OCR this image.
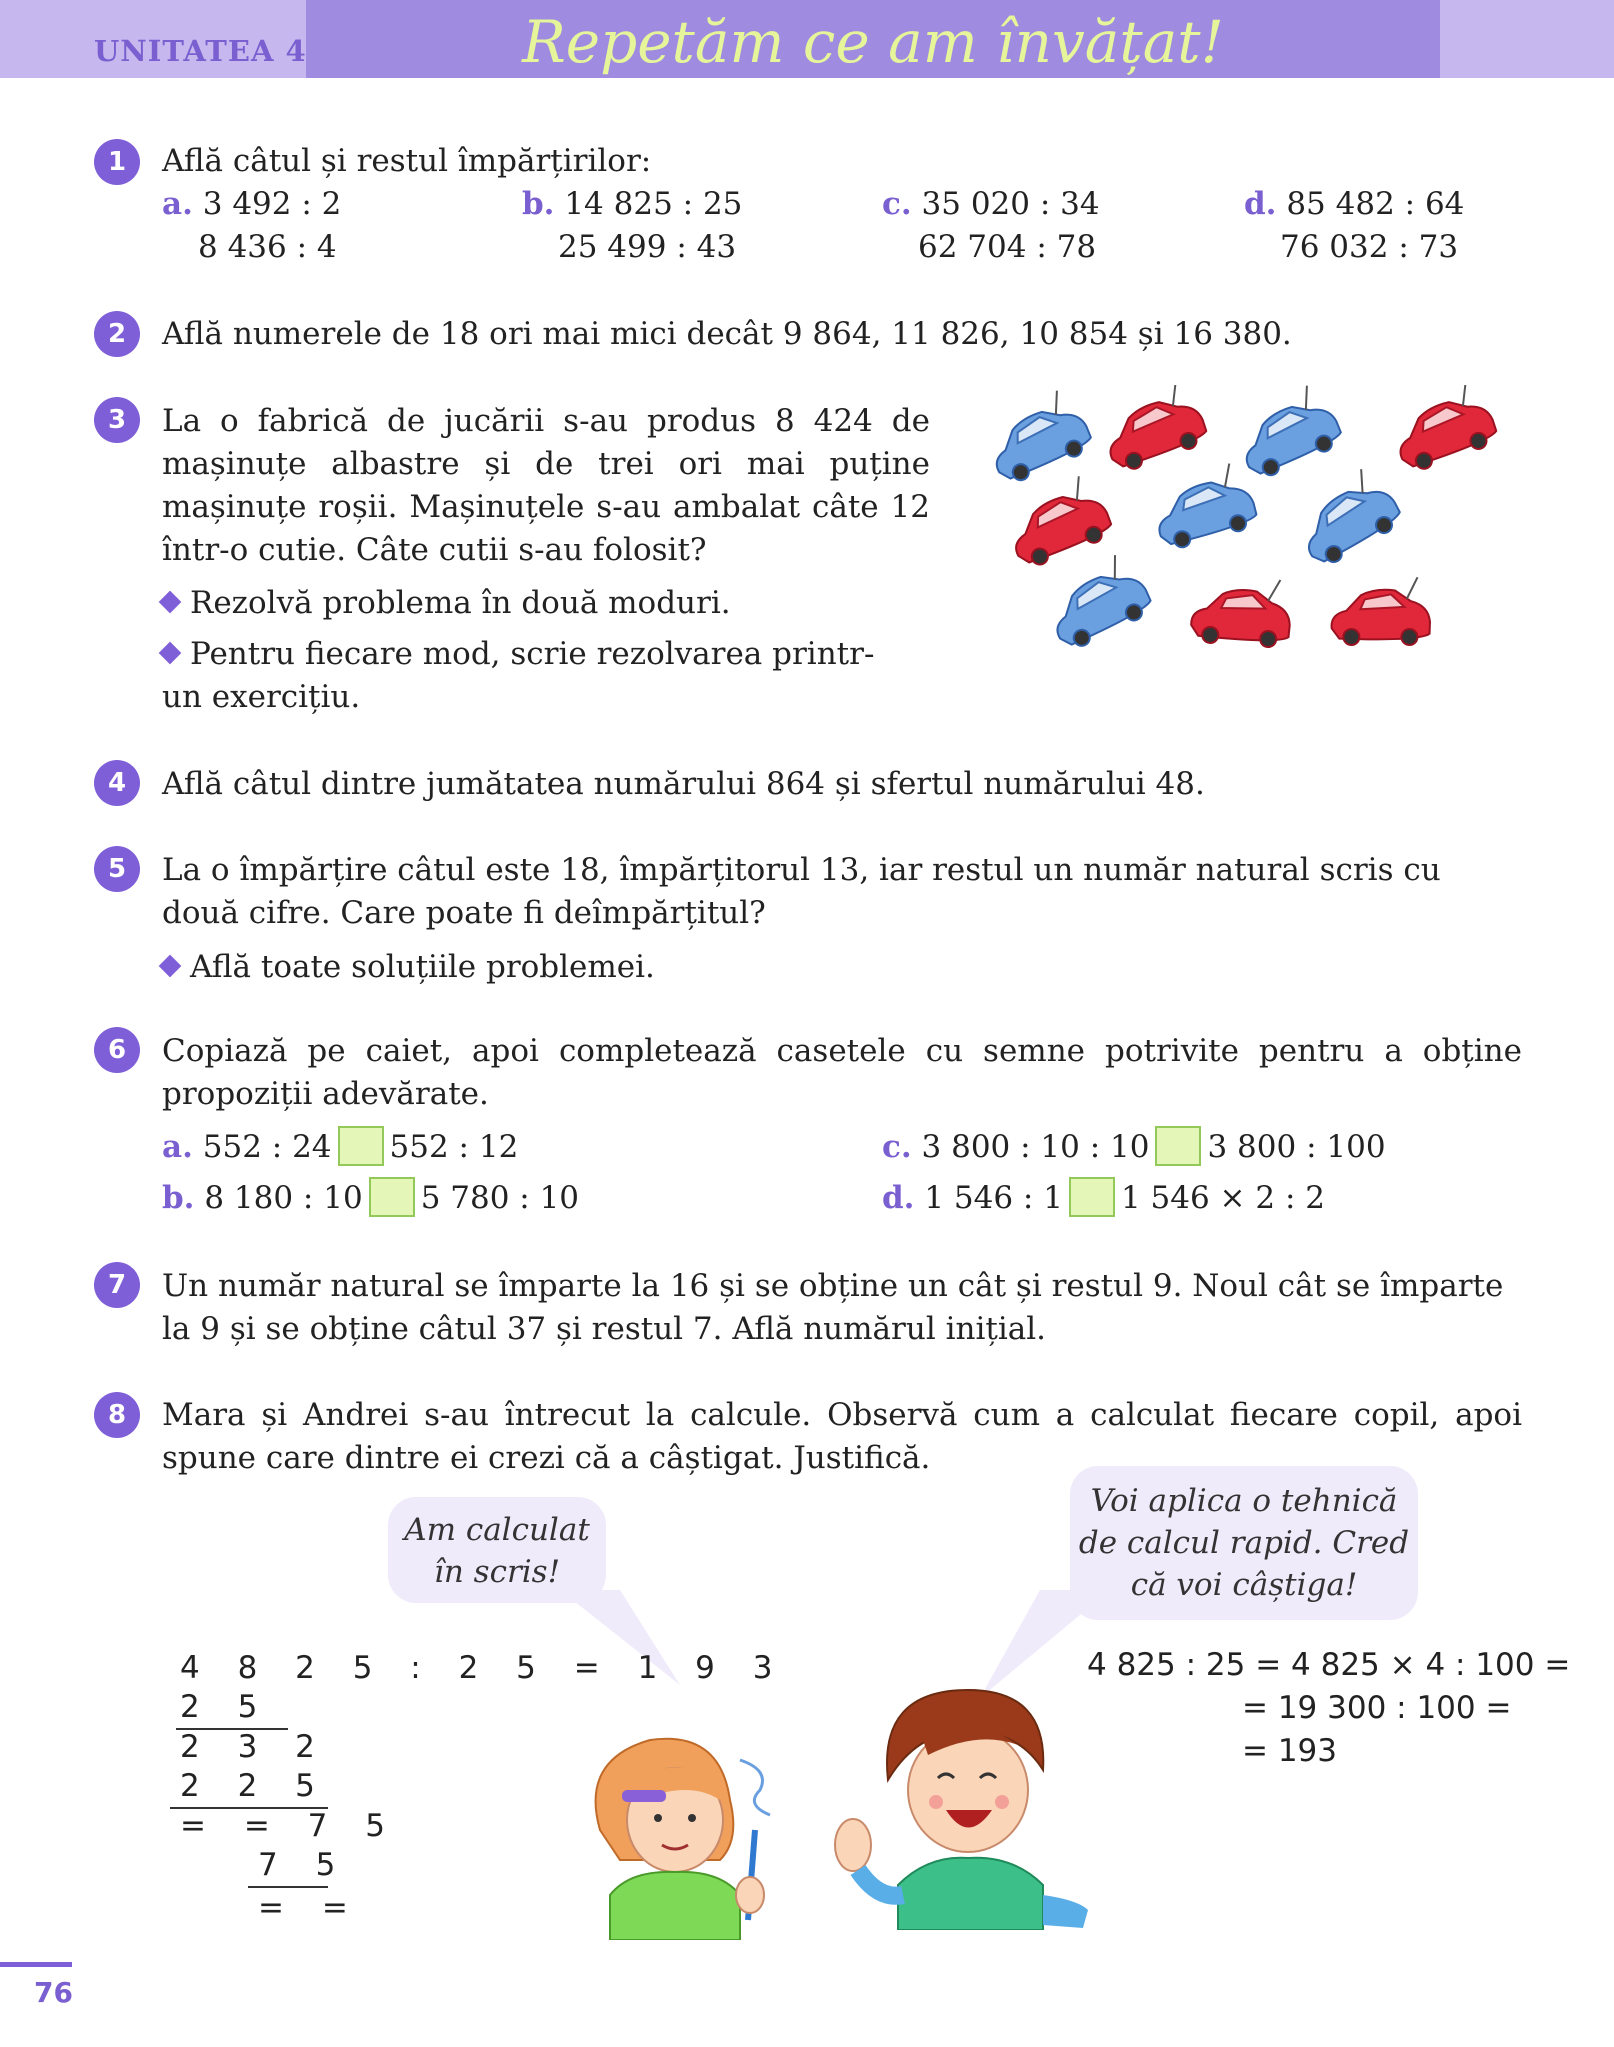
UNITATEA 4	Repetăm ce am învățat!
1	Află câtul și restul împărțirilor:
a. 3 492 : 2
8 436 : 4
b. 14 825 : 25
25 499 : 43
c. 35 020 : 34
62 704 : 78
d. 85 482 : 64
76 032 : 73
2	Află numerele de 18 ori mai mici decât 9 864, 11 826, 10 854 și 16 380.
3	La o fabrică de jucării s-au produs 8 424 de mașinuțe albastre și de trei ori mai puține mașinuțe roșii. Mașinuțele s-au ambalat câte 12 într-o cutie. Câte cutii s-au folosit?
Rezolvă problema în două moduri.
Pentru fiecare mod, scrie rezolvarea printr-un exercițiu.
4	Află câtul dintre jumătatea numărului 864 și sfertul numărului 48.
5	La o împărțire câtul este 18, împărțitorul 13, iar restul un număr natural scris cu două cifre. Care poate fi deîmpărțitul?
Află toate soluțiile problemei.
6	Copiază pe caiet, apoi completează casetele cu semne potrivite pentru a obține propoziții adevărate.
a. 552 : 24 552 : 12
b. 8 180 : 10 5 780 : 10
c. 3 800 : 10 : 10 3 800 : 100
d. 1 546 : 1 1 546 × 2 : 2
7	Un număr natural se împarte la 16 și se obține un cât și restul 9. Noul cât se împarte la 9 și se obține câtul 37 și restul 7. Află numărul inițial.
8	Mara și Andrei s-au întrecut la calcule. Observă cum a calculat fiecare copil, apoi spune care dintre ei crezi că a câștigat. Justifică.
Am calculat
în scris!
Voi aplica o tehnică
de calcul rapid. Cred
că voi câștiga!
4 8 2 5 : 2 5 = 1 9 3
2 5
2 3 2
2 2 5
= = 7 5
7 5
= =
4 825 : 25 = 4 825 × 4 : 100 =
= 19 300 : 100 =
= 193
76
